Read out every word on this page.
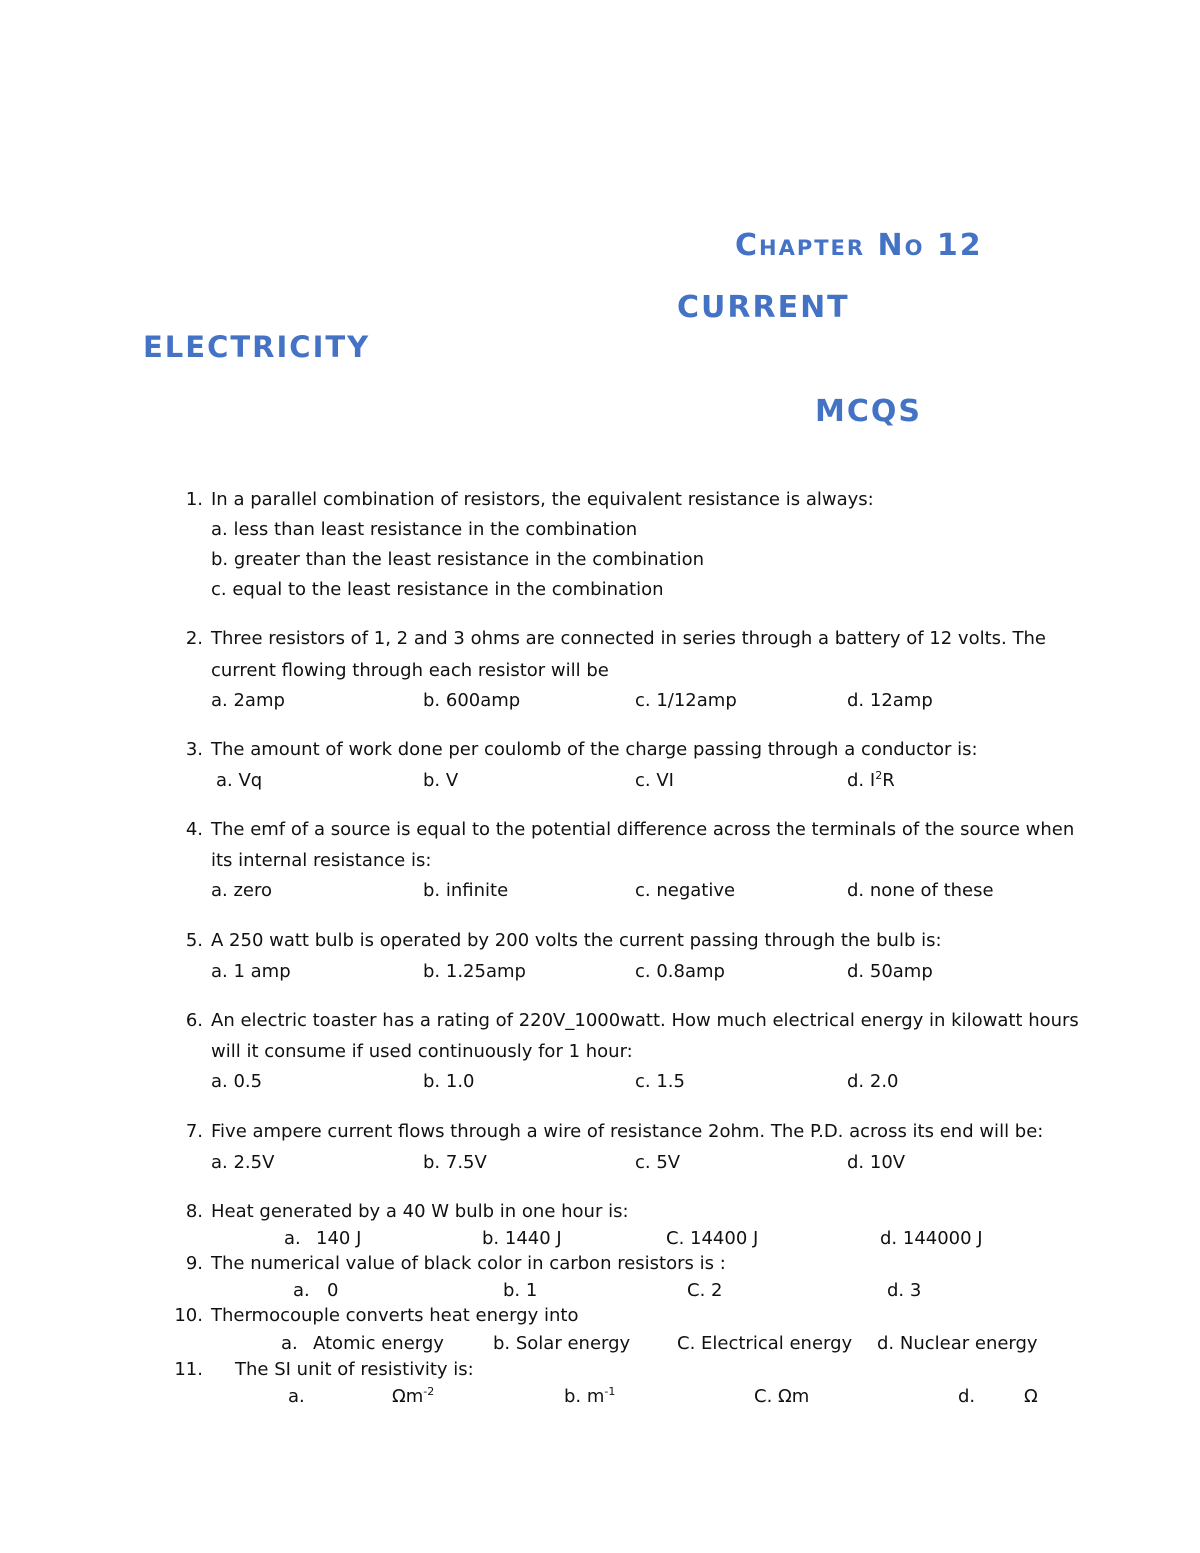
Chapter No 12
CURRENT
ELECTRICITY
MCQS
1. In a parallel combination of resistors, the equivalent resistance is always:
a. less than least resistance in the combination
b. greater than the least resistance in the combination
c. equal to the least resistance in the combination
2. Three resistors of 1, 2 and 3 ohms are connected in series through a battery of 12 volts. The
current flowing through each resistor will be
a. 2amp	b. 600amp	c. 1/12amp	d. 12amp
3. The amount of work done per coulomb of the charge passing through a conductor is:
a. Vq	b. V	c. VI	d. $I^2R$
4. The emf of a source is equal to the potential difference across the terminals of the source when
its internal resistance is:
a. zero	b. infinite	c. negative	d. none of these
5. A 250 watt bulb is operated by 200 volts the current passing through the bulb is:
a. 1 amp	b. 1.25amp	c. 0.8amp	d. 50amp
6. An electric toaster has a rating of 220V_1000watt. How much electrical energy in kilowatt hours
will it consume if used continuously for 1 hour:
a. 0.5	b. 1.0	c. 1.5	d. 2.0
7. Five ampere current flows through a wire of resistance 2ohm. The P.D. across its end will be:
a. 2.5V	b. 7.5V	c. 5V	d. 10V
8. Heat generated by a 40 W bulb in one hour is:
a. 140 J	b. 1440 J	C. 14400 J	d. 144000 J
9. The numerical value of black color in carbon resistors is :
a. 0	b. 1	C. 2	d. 3
10. Thermocouple converts heat energy into
a. Atomic energy	b. Solar energy	C. Electrical energy d. Nuclear energy
11. The SI unit of resistivity is:
a.	$\Omega m^{-2}$	b. $m^{-1}$	C. Ωm	d.	Ω
